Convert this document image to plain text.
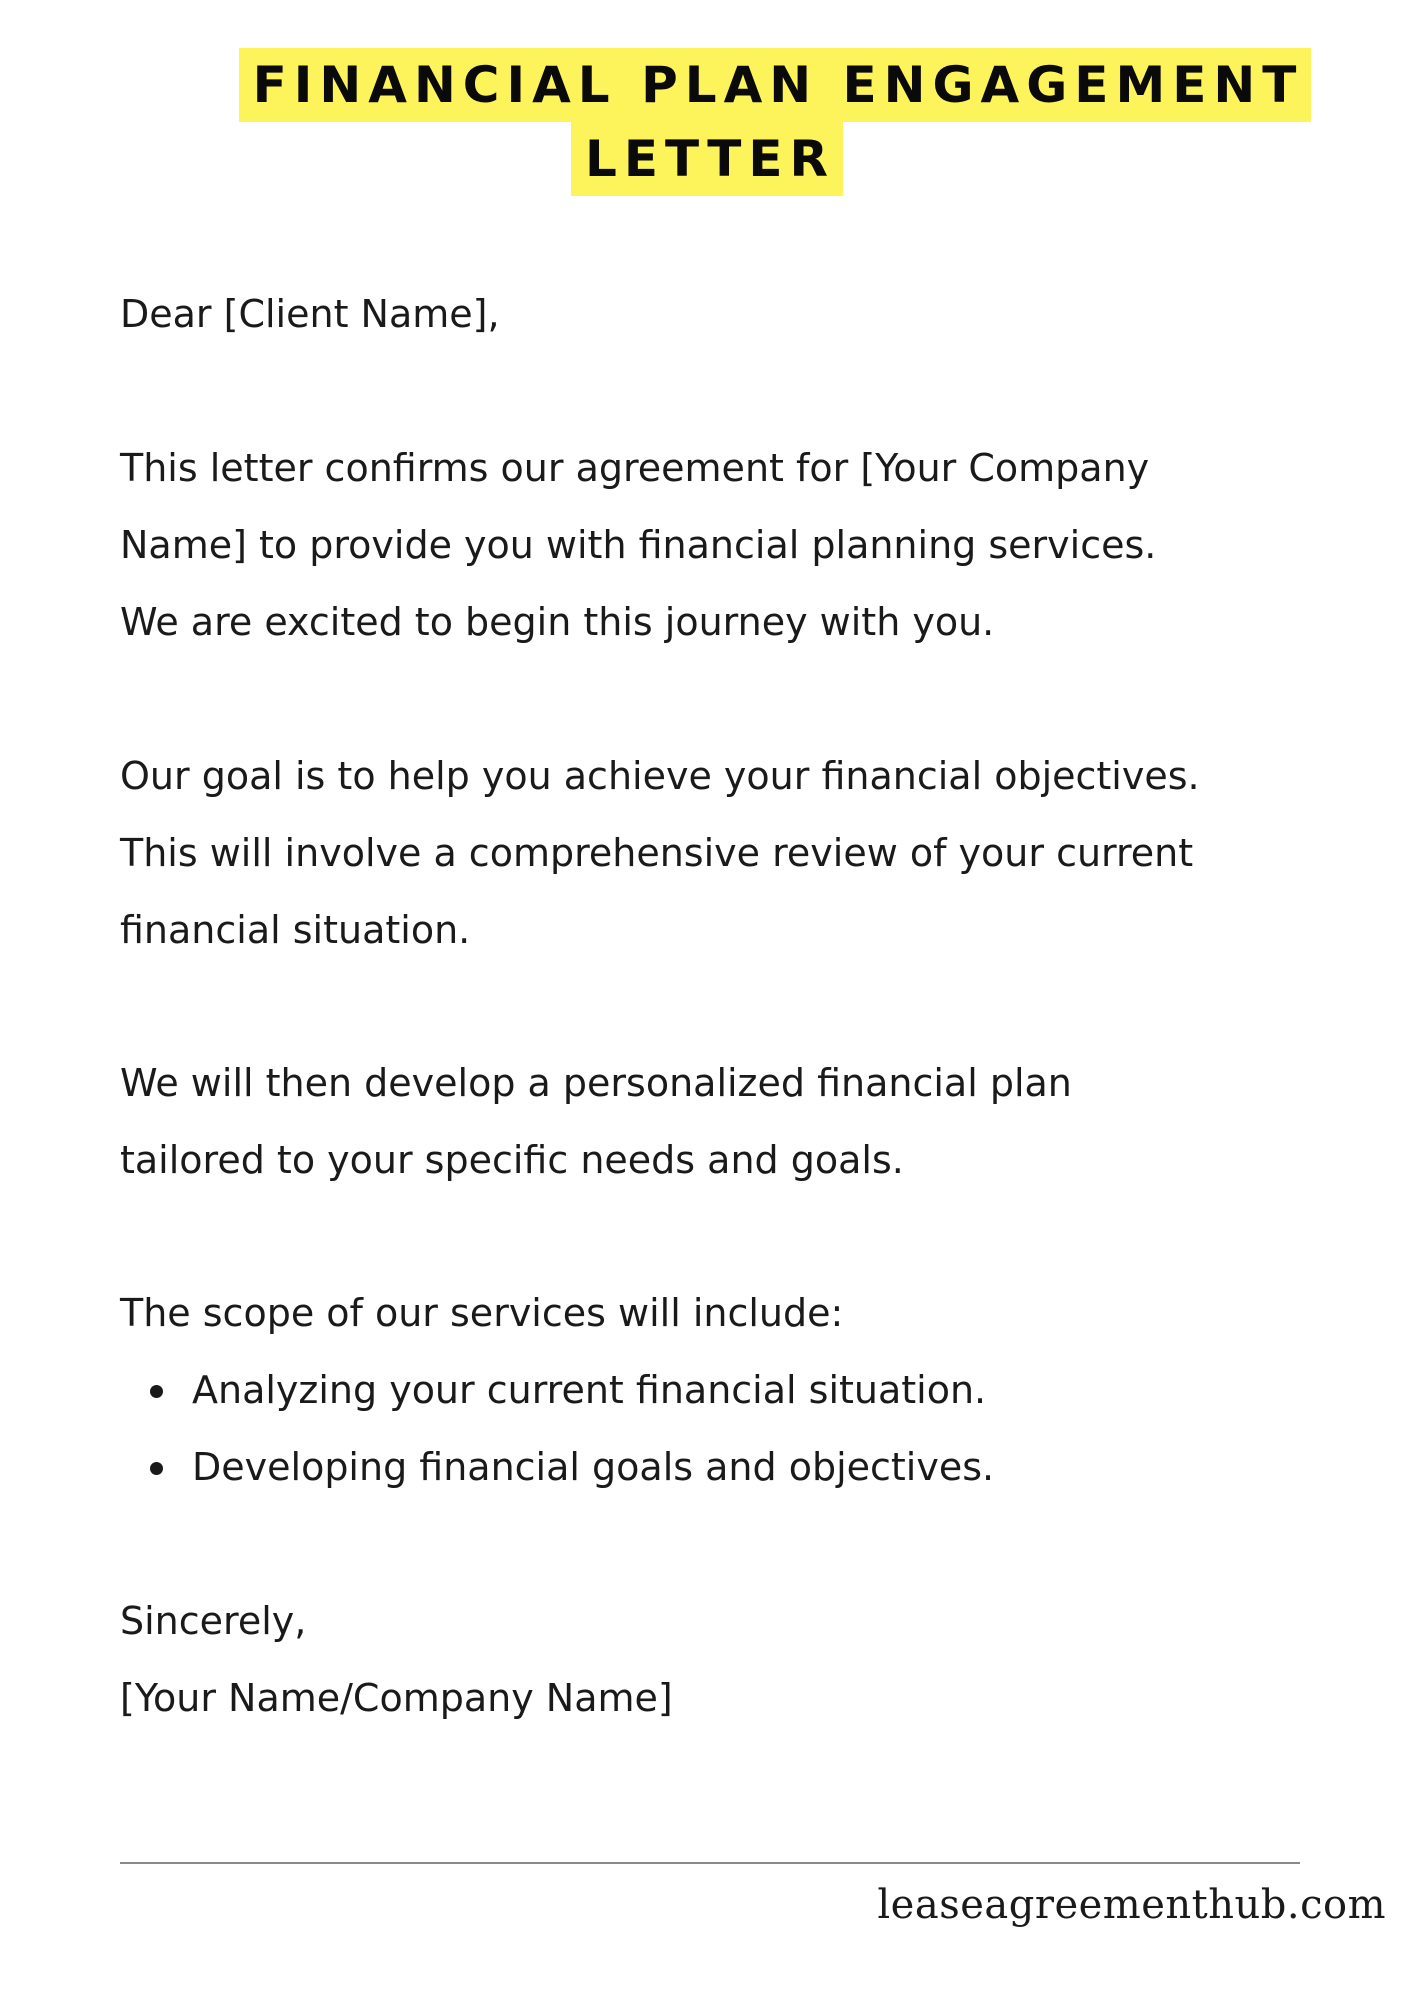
FINANCIAL PLAN ENGAGEMENT
LETTER

Dear [Client Name],

This letter confirms our agreement for [Your Company
Name] to provide you with financial planning services.
We are excited to begin this journey with you.
Our goal is to help you achieve your financial objectives.
This will involve a comprehensive review of your current
financial situation.
We will then develop a personalized financial plan
tailored to your specific needs and goals.

The scope of our services will include:

Analyzing your current financial situation.
Developing financial goals and objectives.

Sincerely,

[Your Name/Company Name]

leaseagreementhub.com
